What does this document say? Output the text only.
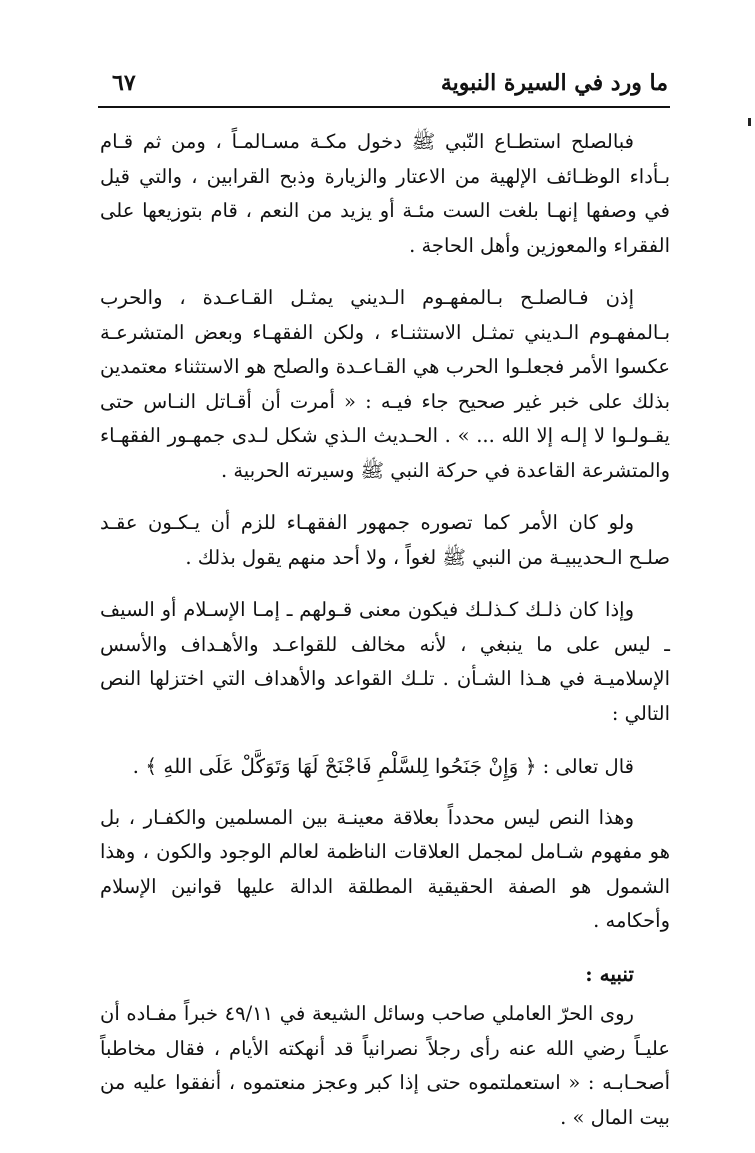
ما ورد في السيرة النبوية
٦٧

فبالصلح استطـاع النّبي ﷺ دخول مكـة مسـالمـاً ، ومن ثم قـام بـأداء الوظـائف الإلهية من الاعتار والزيارة وذبح القرابين ، والتي قيل في وصفها إنهـا بلغت الست مئـة أو يزيد من النعم ، قام بتوزيعها على الفقراء والمعوزين وأهل الحاجة .

إذن فـالصلـح بـالمفهـوم الـديني يمثـل القـاعـدة ، والحرب بـالمفهـوم الـديني تمثـل الاستثنـاء ، ولكن الفقهـاء وبعض المتشرعـة عكسوا الأمر فجعلـوا الحرب هي القـاعـدة والصلح هو الاستثناء معتمدين بذلك على خبر غير صحيح جاء فيـه : « أمرت أن أقـاتل النـاس حتى يقـولـوا لا إلـه إلا الله ... » . الحـديث الـذي شكل لـدى جمهـور الفقهـاء والمتشرعة القاعدة في حركة النبي ﷺ وسيرته الحربية .

ولو كان الأمر كما تصوره جمهور الفقهـاء للزم أن يـكـون عقـد صلـح الـحديبيـة من النبي ﷺ لغواً ، ولا أحد منهم يقول بذلك .

وإذا كان ذلـك كـذلـك فيكون معنى قـولهم ـ إمـا الإسـلام أو السيف ـ ليس على ما ينبغي ، لأنه مخالف للقواعـد والأهـداف والأسس الإسلاميـة في هـذا الشـأن . تلـك القواعد والأهداف التي اختزلها النص التالي :

قال تعالى : ﴿ وَإِنْ جَنَحُوا لِلسَّلْمِ فَاجْنَحْ لَهَا وَتَوَكَّلْ عَلَى اللهِ ﴾ .

وهذا النص ليس محدداً بعلاقة معينـة بين المسلمين والكفـار ، بل هو مفهوم شـامل لمجمل العلاقات الناظمة لعالم الوجود والكون ، وهذا الشمول هو الصفة الحقيقية المطلقة الدالة عليها قوانين الإسلام وأحكامه .

تنبيه :

روى الحرّ العاملي صاحب وسائل الشيعة في ٤٩/١١ خبراً مفـاده أن عليـاً رضي الله عنه رأى رجلاً نصرانياً قد أنهكته الأيام ، فقال مخاطباً أصحـابـه : « استعملتموه حتى إذا كبر وعجز منعتموه ، أنفقوا عليه من بيت المال » .
